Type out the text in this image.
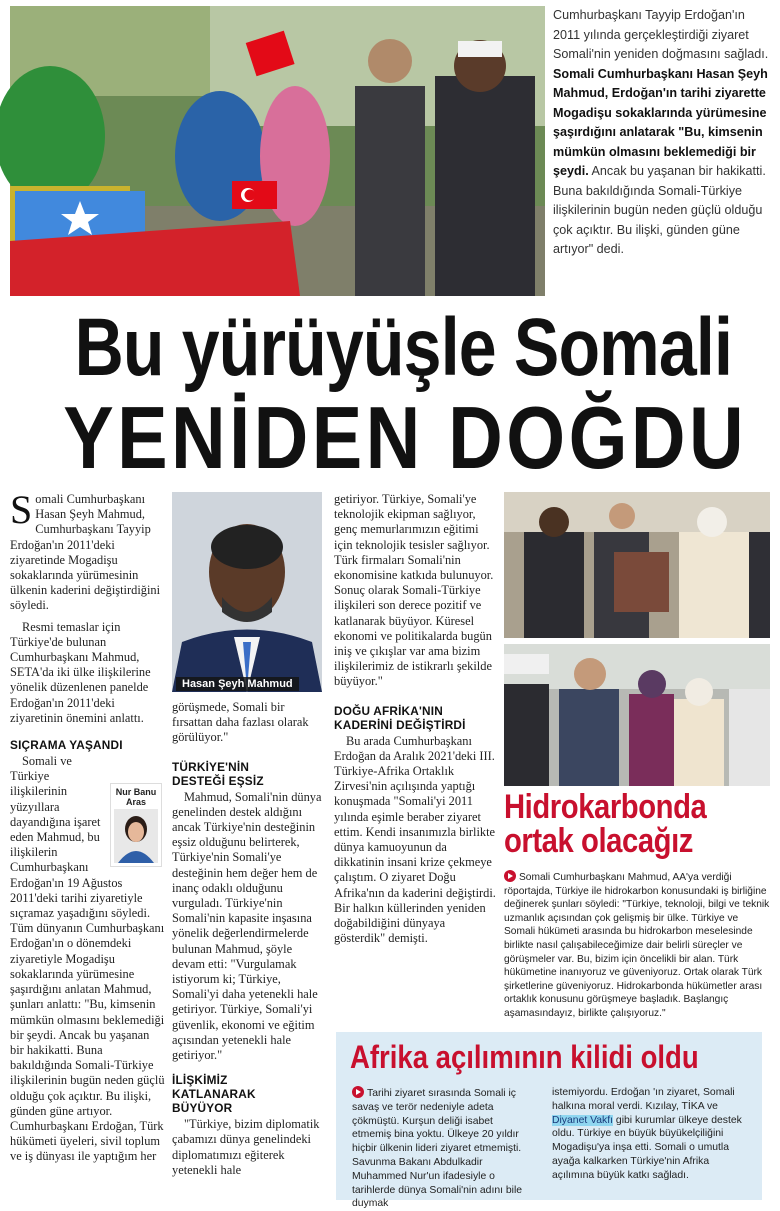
Cumhurbaşkanı Tayyip Erdoğan'ın 2011 yılında gerçekleştirdiği ziyaret Somali'nin yeniden doğmasını sağladı. Somali Cumhurbaşkanı Hasan Şeyh Mahmud, Erdoğan'ın tarihi ziyarette Mogadişu sokaklarında yürümesine şaşırdığını anlatarak "Bu, kimsenin mümkün olmasını beklemediği bir şeydi. Ancak bu yaşanan bir hakikatti. Buna bakıldığında Somali-Türkiye ilişkilerinin bugün neden güçlü olduğu çok açıktır. Bu ilişki, günden güne artıyor" dedi.
Bu yürüyüşle Somali
YENİDEN DOĞDU

Somali Cumhurbaşkanı Hasan Şeyh Mahmud, Cumhurbaşkanı Tayyip Erdoğan'ın 2011'deki ziyaretinde Mogadişu sokaklarında yürümesinin ülkenin kaderini değiştirdiğini söyledi.

Resmi temaslar için Türkiye'de bulunan Cumhurbaşkanı Mahmud, SETA'da iki ülke ilişkilerine yönelik düzenlenen panelde Erdoğan'ın 2011'deki ziyaretinin önemini anlattı.

SIÇRAMA YAŞANDI

Somali ve Türkiye ilişkilerinin yüzyıllara dayandığına işaret eden Mahmud, bu ilişkilerin Cumhurbaşkanı

Erdoğan'ın 19 Ağustos 2011'deki tarihi ziyaretiyle sıçramaz yaşadığını söyledi. Tüm dünyanın Cumhurbaşkanı Erdoğan'ın o dönemdeki ziyaretiyle Mogadişu sokaklarında yürümesine şaşırdığını anlatan Mahmud, şunları anlattı: "Bu, kimsenin mümkün olmasını beklemediği bir şeydi. Ancak bu yaşanan bir hakikatti. Buna bakıldığında Somali-Türkiye ilişkilerinin bugün neden güçlü olduğu çok açıktır. Bu ilişki, günden güne artıyor. Cumhurbaşkanı Erdoğan, Türk hükümeti üyeleri, sivil toplum ve iş dünyası ile yaptığım her

Nur Banu Aras
Hasan Şeyh Mahmud

görüşmede, Somali bir fırsattan daha fazlası olarak görülüyor."

TÜRKİYE'NİN DESTEĞİ EŞSİZ

Mahmud, Somali'nin dünya genelinden destek aldığını ancak Türkiye'nin desteğinin eşsiz olduğunu belirterek, Türkiye'nin Somali'ye desteğinin hem değer hem de inanç odaklı olduğunu vurguladı. Türkiye'nin Somali'nin kapasite inşasına yönelik değerlendirmelerde bulunan Mahmud, şöyle devam etti: "Vurgulamak istiyorum ki; Türkiye, Somali'yi daha yetenekli hale getiriyor. Türkiye, Somali'yi güvenlik, ekonomi ve eğitim açısından yetenekli hale getiriyor."

İLİŞKİMİZ KATLANARAK BÜYÜYOR

"Türkiye, bizim diplomatik çabamızı dünya genelindeki diplomatımızı eğiterek yetenekli hale

getiriyor. Türkiye, Somali'ye teknolojik ekipman sağlıyor, genç memurlarımızın eğitimi için teknolojik tesisler sağlıyor. Türk firmaları Somali'nin ekonomisine katkıda bulunuyor. Sonuç olarak Somali-Türkiye ilişkileri son derece pozitif ve katlanarak büyüyor. Küresel ekonomi ve politikalarda bugün iniş ve çıkışlar var ama bizim ilişkilerimiz de istikrarlı şekilde büyüyor."

DOĞU AFRİKA'NIN KADERİNİ DEĞİŞTİRDİ

Bu arada Cumhurbaşkanı Erdoğan da Aralık 2021'deki III. Türkiye-Afrika Ortaklık Zirvesi'nin açılışında yaptığı konuşmada "Somali'yi 2011 yılında eşimle beraber ziyaret ettim. Kendi insanımızla birlikte dünya kamuoyunun da dikkatinin insani krize çekmeye çalıştım. O ziyaret Doğu Afrika'nın da kaderini değiştirdi. Bir halkın küllerinden yeniden doğabildiğini dünyaya gösterdik" demişti.

Hidrokarbonda
ortak olacağız
Somali Cumhurbaşkanı Mahmud, AA'ya verdiği röportajda, Türkiye ile hidrokarbon konusundaki iş birliğine değinerek şunları söyledi: "Türkiye, teknoloji, bilgi ve teknik uzmanlık açısından çok gelişmiş bir ülke. Türkiye ve Somali hükümeti arasında bu hidrokarbon meselesinde birlikte nasıl çalışabileceğimize dair belirli süreçler ve görüşmeler var. Bu, bizim için öncelikli bir alan. Türk hükümetine inanıyoruz ve güveniyoruz. Ortak olarak Türk şirketlerine güveniyoruz. Hidrokarbonda hükümetler arası ortaklık konusunu görüşmeye başladık. Başlangıç aşamasındayız, birlikte çalışıyoruz."
Afrika açılımının kilidi oldu
Tarihi ziyaret sırasında Somali iç savaş ve terör nedeniyle adeta çökmüştü. Kurşun deliği isabet etmemiş bina yoktu. Ülkeye 20 yıldır hiçbir ülkenin lideri ziyaret etmemişti. Savunma Bakanı Abdulkadir Muhammed Nur'un ifadesiyle o tarihlerde dünya Somali'nin adını bile duymak
istemiyordu. Erdoğan 'ın ziyaret, Somali halkına moral verdi. Kızılay, TİKA ve Diyanet Vakfı gibi kurumlar ülkeye destek oldu. Türkiye en büyük büyükelçiliğini Mogadişu'ya inşa etti. Somali o umutla ayağa kalkarken Türkiye'nin Afrika açılımına büyük katkı sağladı.
